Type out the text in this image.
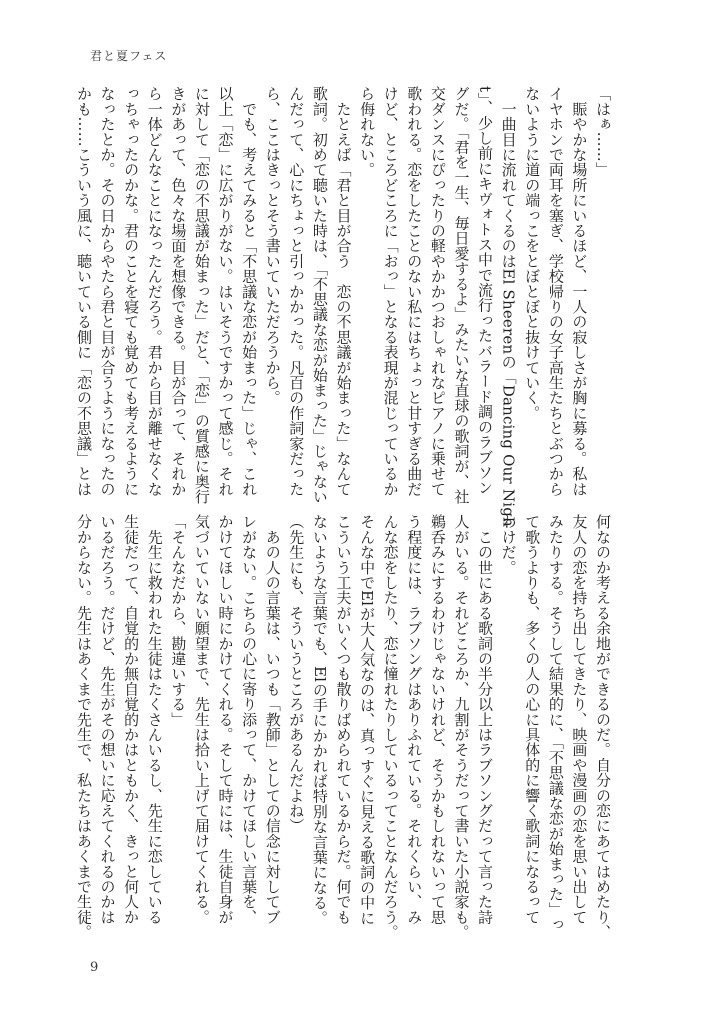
君と夏フェス
「はぁ……」
　賑やかな場所にいるほど、一人の寂しさが胸に募る。私は
イヤホンで両耳を塞ぎ、学校帰りの女子高生たちとぶつから
ないように道の端っこをとぼとぼと抜けていく。
　一曲目に流れてくるのはEl Sheerenの「Dancing Our Nigh
t」、少し前にキヴォトス中で流行ったバラード調のラブソン
グだ。「君を一生、毎日愛するよ」みたいな直球の歌詞が、社
交ダンスにぴったりの軽やかかつおしゃれなピアノに乗せて
歌われる。恋をしたことのない私にはちょっと甘すぎる曲だ
けど、ところどころに「おっ」となる表現が混じっているか
ら侮れない。
　たとえば「君と目が合う　恋の不思議が始まった」なんて
歌詞。初めて聴いた時は、「不思議な恋が始まった」じゃない
んだって、心にちょっと引っかかった。凡百の作詞家だった
ら、ここはきっとそう書いていただろうから。
　でも、考えてみると「不思議な恋が始まった」じゃ、これ
以上「恋」に広がりがない。はいそうですかって感じ。それ
に対して「恋の不思議が始まった」だと、「恋」の質感に奥行
きがあって、色々な場面を想像できる。目が合って、それか
ら一体どんなことになったんだろう。君から目が離せなくな
っちゃったのかな。君のことを寝ても覚めても考えるように
なったとか。その日からやたら君と目が合うようになったの
かも……こういう風に、聴いている側に「恋の不思議」とは
何なのか考える余地ができるのだ。自分の恋にあてはめたり、
友人の恋を持ち出してきたり、映画や漫画の恋を思い出して
みたりする。そうして結果的に、「不思議な恋が始まった」っ
て歌うよりも、多くの人の心に具体的に響く歌詞になるって
わけだ。
　この世にある歌詞の半分以上はラブソングだって言った詩
人がいる。それどころか、九割がそうだって書いた小説家も。
鵜呑みにするわけじゃないけれど、そうかもしれないって思
う程度には、ラブソングはありふれている。それくらい、み
んな恋をしたり、恋に憧れたりしているってことなんだろう。
そんな中でElが大人気なのは、真っすぐに見える歌詞の中に
こういう工夫がいくつも散りばめられているからだ。何でも
ないような言葉でも、Elの手にかかれば特別な言葉になる。
（先生にも、そういうところがあるんだよね）
　あの人の言葉は、いつも「教師」としての信念に対してブ
レがない。こちらの心に寄り添って、かけてほしい言葉を、
かけてほしい時にかけてくれる。そして時には、生徒自身が
気づいていない願望まで、先生は拾い上げて届けてくれる。
「そんなだから、勘違いする」
　先生に救われた生徒はたくさんいるし、先生に恋している
生徒だって、自覚的か無自覚的かはともかく、きっと何人か
いるだろう。だけど、先生がその想いに応えてくれるのかは
分からない。先生はあくまで先生で、私たちはあくまで生徒。
9
